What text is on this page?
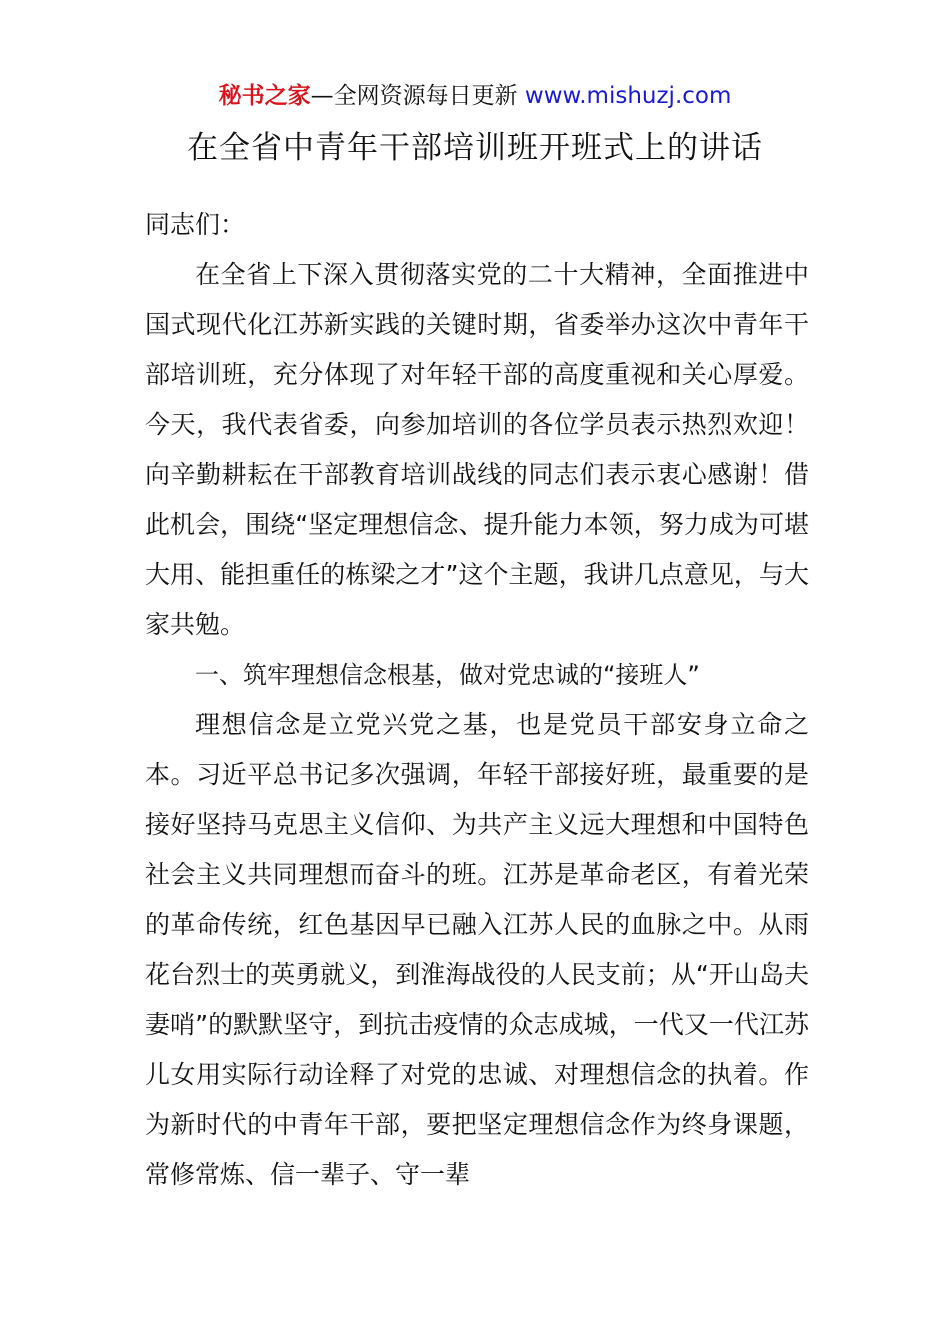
秘书之家—全网资源每日更新 www.mishuzj.com
在全省中青年干部培训班开班式上的讲话

同志们：

在全省上下深入贯彻落实党的二十大精神，全面推进中国式现代化江苏新实践的关键时期，省委举办这次中青年干部培训班，充分体现了对年轻干部的高度重视和关心厚爱。今天，我代表省委，向参加培训的各位学员表示热烈欢迎！向辛勤耕耘在干部教育培训战线的同志们表示衷心感谢！借此机会，围绕“坚定理想信念、提升能力本领，努力成为可堪大用、能担重任的栋梁之才”这个主题，我讲几点意见，与大家共勉。

一、筑牢理想信念根基，做对党忠诚的“接班人”

理想信念是立党兴党之基，也是党员干部安身立命之本。习近平总书记多次强调，年轻干部接好班，最重要的是接好坚持马克思主义信仰、为共产主义远大理想和中国特色社会主义共同理想而奋斗的班。江苏是革命老区，有着光荣的革命传统，红色基因早已融入江苏人民的血脉之中。从雨花台烈士的英勇就义，到淮海战役的人民支前；从“开山岛夫妻哨”的默默坚守，到抗击疫情的众志成城，一代又一代江苏儿女用实际行动诠释了对党的忠诚、对理想信念的执着。作为新时代的中青年干部，要把坚定理想信念作为终身课题，常修常炼、信一辈子、守一辈
